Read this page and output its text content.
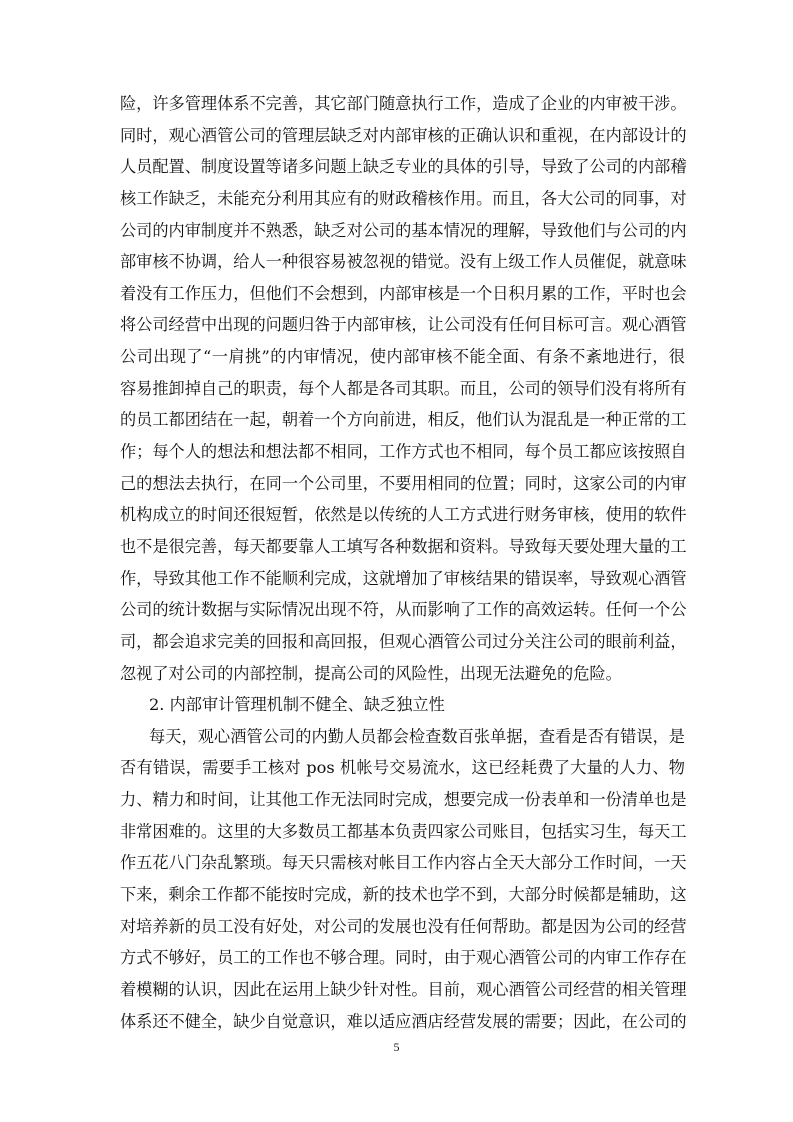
险，许多管理体系不完善，其它部门随意执行工作，造成了企业的内审被干涉。
同时，观心酒管公司的管理层缺乏对内部审核的正确认识和重视，在内部设计的
人员配置、制度设置等诸多问题上缺乏专业的具体的引导，导致了公司的内部稽
核工作缺乏，未能充分利用其应有的财政稽核作用。而且，各大公司的同事，对
公司的内审制度并不熟悉，缺乏对公司的基本情况的理解，导致他们与公司的内
部审核不协调，给人一种很容易被忽视的错觉。没有上级工作人员催促，就意味
着没有工作压力，但他们不会想到，内部审核是一个日积月累的工作，平时也会
将公司经营中出现的问题归咎于内部审核，让公司没有任何目标可言。观心酒管
公司出现了“一肩挑”的内审情况，使内部审核不能全面、有条不紊地进行，很
容易推卸掉自己的职责，每个人都是各司其职。而且，公司的领导们没有将所有
的员工都团结在一起，朝着一个方向前进，相反，他们认为混乱是一种正常的工
作；每个人的想法和想法都不相同，工作方式也不相同，每个员工都应该按照自
己的想法去执行，在同一个公司里，不要用相同的位置；同时，这家公司的内审
机构成立的时间还很短暂，依然是以传统的人工方式进行财务审核，使用的软件
也不是很完善，每天都要靠人工填写各种数据和资料。导致每天要处理大量的工
作，导致其他工作不能顺利完成，这就增加了审核结果的错误率，导致观心酒管
公司的统计数据与实际情况出现不符，从而影响了工作的高效运转。任何一个公
司，都会追求完美的回报和高回报，但观心酒管公司过分关注公司的眼前利益，
忽视了对公司的内部控制，提高公司的风险性，出现无法避免的危险。
2. 内部审计管理机制不健全、缺乏独立性
每天，观心酒管公司的内勤人员都会检查数百张单据，查看是否有错误，是
否有错误，需要手工核对 pos 机帐号交易流水，这已经耗费了大量的人力、物
力、精力和时间，让其他工作无法同时完成，想要完成一份表单和一份清单也是
非常困难的。这里的大多数员工都基本负责四家公司账目，包括实习生，每天工
作五花八门杂乱繁琐。每天只需核对帐目工作内容占全天大部分工作时间，一天
下来，剩余工作都不能按时完成，新的技术也学不到，大部分时候都是辅助，这
对培养新的员工没有好处，对公司的发展也没有任何帮助。都是因为公司的经营
方式不够好，员工的工作也不够合理。同时，由于观心酒管公司的内审工作存在
着模糊的认识，因此在运用上缺少针对性。目前，观心酒管公司经营的相关管理
体系还不健全，缺少自觉意识，难以适应酒店经营发展的需要；因此，在公司的
5
